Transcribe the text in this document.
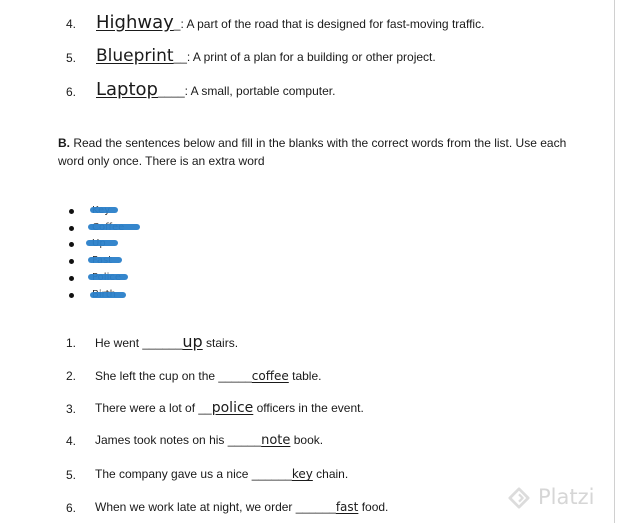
4. Highway_: A part of the road that is designed for fast-moving traffic.
5. Blueprint__: A print of a plan for a building or other project.
6. Laptop____: A small, portable computer.
B. Read the sentences below and fill in the blanks with the correct words from the list. Use each word only once. There is an extra word
1. He went ______up stairs.
2. She left the cup on the _____coffee table.
3. There were a lot of __police officers in the event.
4. James took notes on his _____note book.
5. The company gave us a nice ______key chain.
6. When we work late at night, we order ______fast food.	Platzi
